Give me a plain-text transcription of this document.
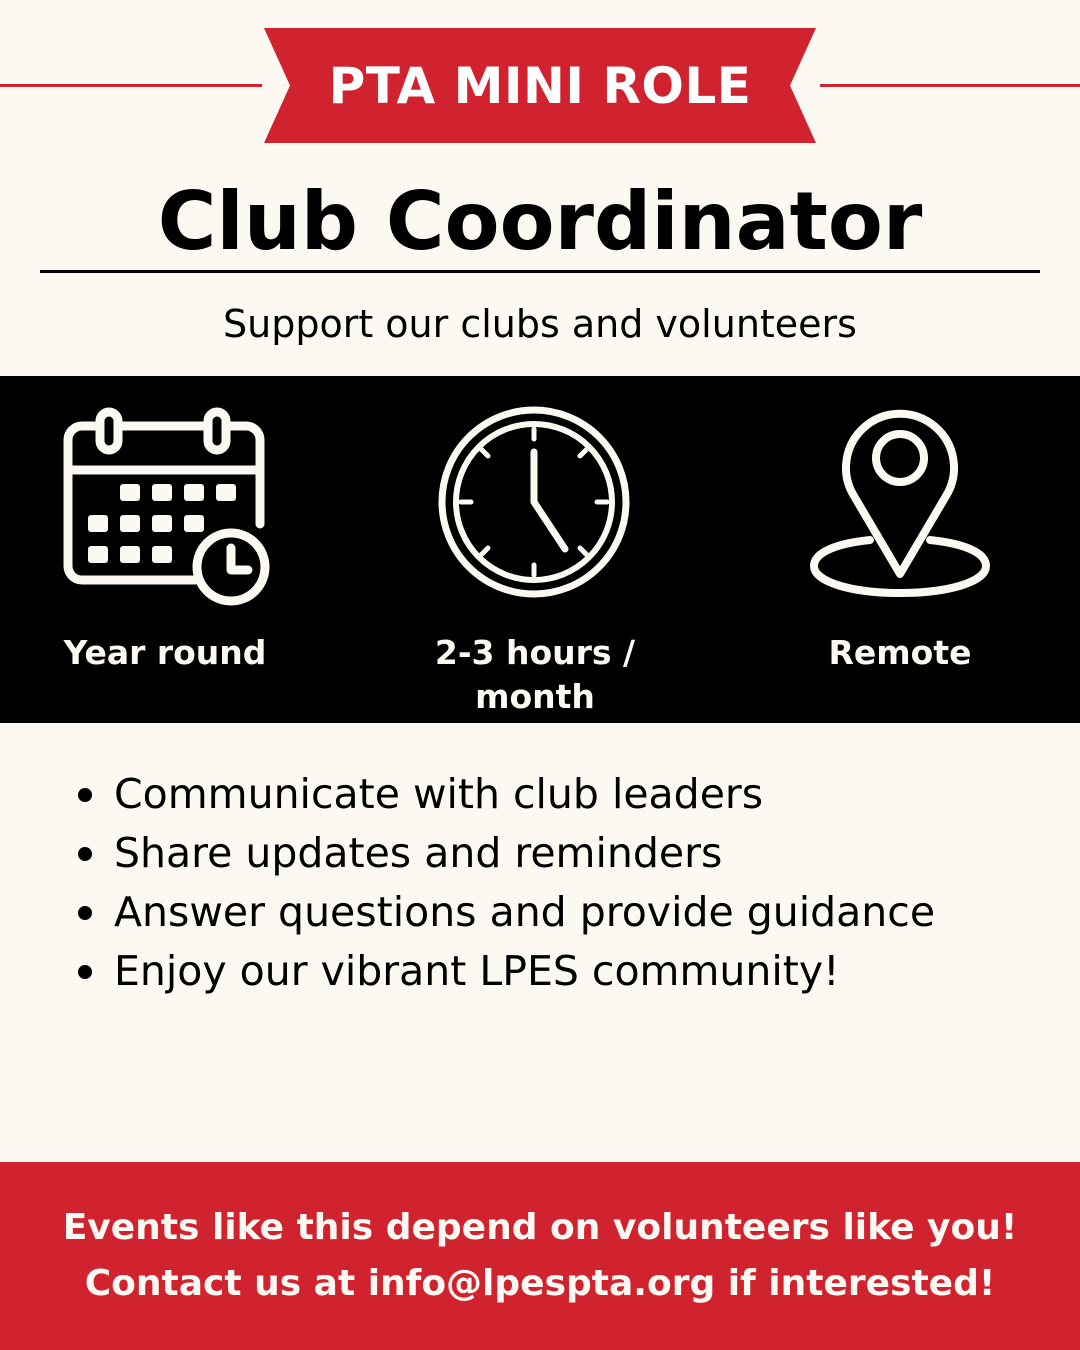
PTA MINI ROLE
Club Coordinator
Support our clubs and volunteers
Year round	2-3 hours / month
Remote
Communicate with club leaders
Share updates and reminders
Answer questions and provide guidance
Enjoy our vibrant LPES community!
Events like this depend on volunteers like you!
Contact us at info@lpespta.org if interested!
